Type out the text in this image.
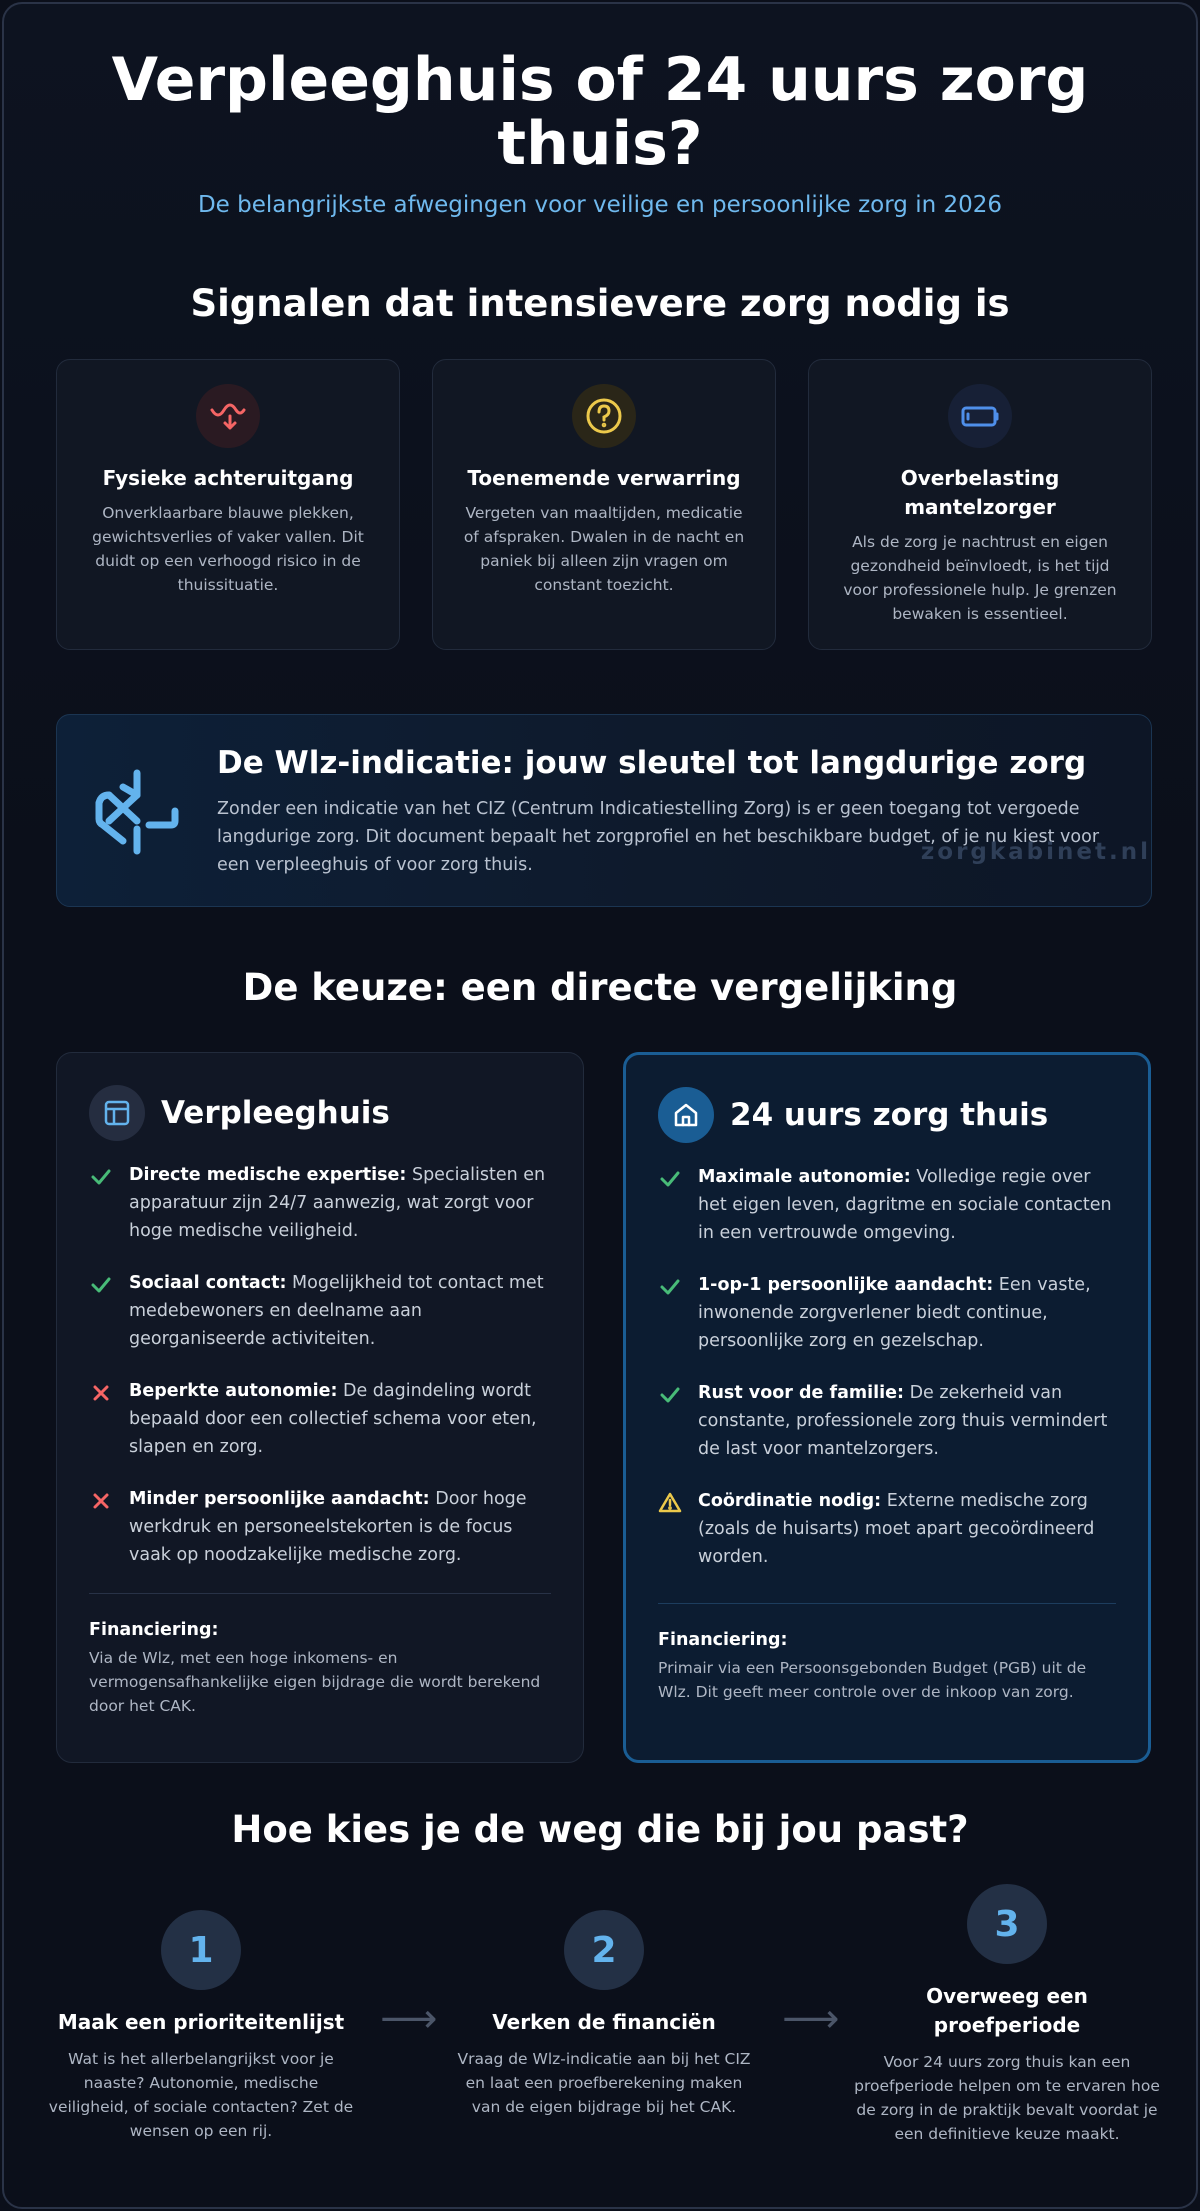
Verpleeghuis of 24 uurs zorg thuis?
De belangrijkste afwegingen voor veilige en persoonlijke zorg in 2026
Signalen dat intensievere zorg nodig is
Fysieke achteruitgang
Onverklaarbare blauwe plekken, gewichtsverlies of vaker vallen. Dit duidt op een verhoogd risico in de thuissituatie.
Toenemende verwarring
Vergeten van maaltijden, medicatie of afspraken. Dwalen in de nacht en paniek bij alleen zijn vragen om constant toezicht.
Overbelasting mantelzorger
Als de zorg je nachtrust en eigen gezondheid beïnvloedt, is het tijd voor professionele hulp. Je grenzen bewaken is essentieel.
De Wlz-indicatie: jouw sleutel tot langdurige zorg
Zonder een indicatie van het CIZ (Centrum Indicatiestelling Zorg) is er geen toegang tot vergoede langdurige zorg. Dit document bepaalt het zorgprofiel en het beschikbare budget, of je nu kiest voor een verpleeghuis of voor zorg thuis.	zorgkabinet.nl
De keuze: een directe vergelijking
Verpleeghuis
Directe medische expertise: Specialisten en apparatuur zijn 24/7 aanwezig, wat zorgt voor hoge medische veiligheid.
Sociaal contact: Mogelijkheid tot contact met medebewoners en deelname aan georganiseerde activiteiten.
Beperkte autonomie: De dagindeling wordt bepaald door een collectief schema voor eten, slapen en zorg.
Minder persoonlijke aandacht: Door hoge werkdruk en personeelstekorten is de focus vaak op noodzakelijke medische zorg.
Financiering:
Via de Wlz, met een hoge inkomens- en vermogensafhankelijke eigen bijdrage die wordt berekend door het CAK.
24 uurs zorg thuis
Maximale autonomie: Volledige regie over het eigen leven, dagritme en sociale contacten in een vertrouwde omgeving.
1-op-1 persoonlijke aandacht: Een vaste, inwonende zorgverlener biedt continue, persoonlijke zorg en gezelschap.
Rust voor de familie: De zekerheid van constante, professionele zorg thuis vermindert de last voor mantelzorgers.
Coördinatie nodig: Externe medische zorg (zoals de huisarts) moet apart gecoördineerd worden.
Financiering:
Primair via een Persoonsgebonden Budget (PGB) uit de Wlz. Dit geeft meer controle over de inkoop van zorg.
Hoe kies je de weg die bij jou past?
1
Maak een prioriteitenlijst
Wat is het allerbelangrijkst voor je naaste? Autonomie, medische veiligheid, of sociale contacten? Zet de wensen op een rij.
⟶
2
Verken de financiën
Vraag de Wlz-indicatie aan bij het CIZ en laat een proefberekening maken van de eigen bijdrage bij het CAK.
⟶
3
Overweeg een proefperiode
Voor 24 uurs zorg thuis kan een proefperiode helpen om te ervaren hoe de zorg in de praktijk bevalt voordat je een definitieve keuze maakt.
